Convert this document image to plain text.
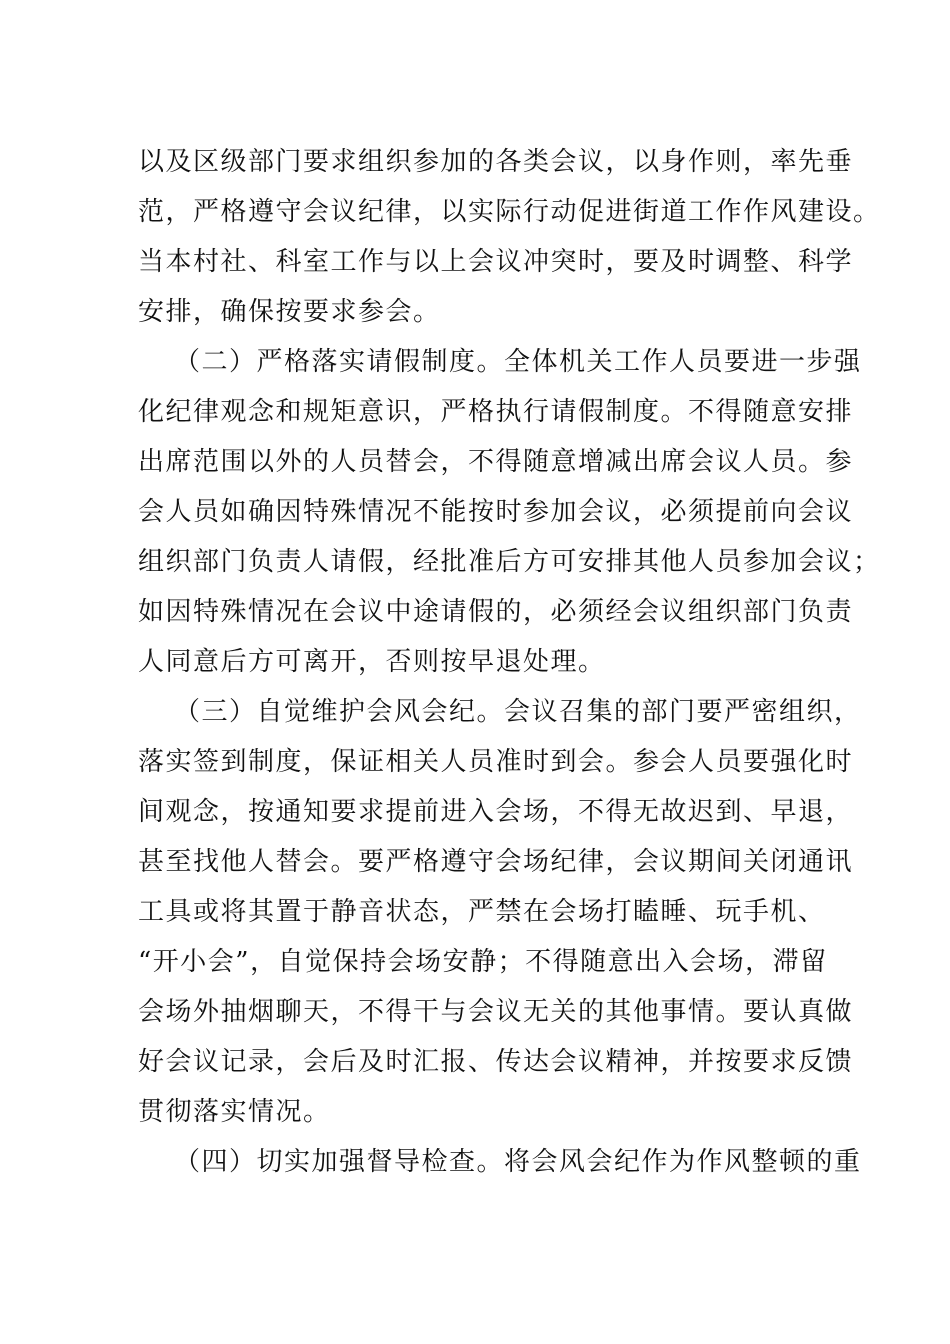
以及区级部门要求组织参加的各类会议，以身作则，率先垂
范，严格遵守会议纪律，以实际行动促进街道工作作风建设。
当本村社、科室工作与以上会议冲突时，要及时调整、科学
安排，确保按要求参会。
（二）严格落实请假制度。全体机关工作人员要进一步强
化纪律观念和规矩意识，严格执行请假制度。不得随意安排
出席范围以外的人员替会，不得随意增减出席会议人员。参
会人员如确因特殊情况不能按时参加会议，必须提前向会议
组织部门负责人请假，经批准后方可安排其他人员参加会议；
如因特殊情况在会议中途请假的，必须经会议组织部门负责
人同意后方可离开，否则按早退处理。
（三）自觉维护会风会纪。会议召集的部门要严密组织，
落实签到制度，保证相关人员准时到会。参会人员要强化时
间观念，按通知要求提前进入会场，不得无故迟到、早退，
甚至找他人替会。要严格遵守会场纪律，会议期间关闭通讯
工具或将其置于静音状态，严禁在会场打瞌睡、玩手机、
“开小会”，自觉保持会场安静；不得随意出入会场，滞留
会场外抽烟聊天，不得干与会议无关的其他事情。要认真做
好会议记录，会后及时汇报、传达会议精神，并按要求反馈
贯彻落实情况。
（四）切实加强督导检查。将会风会纪作为作风整顿的重
